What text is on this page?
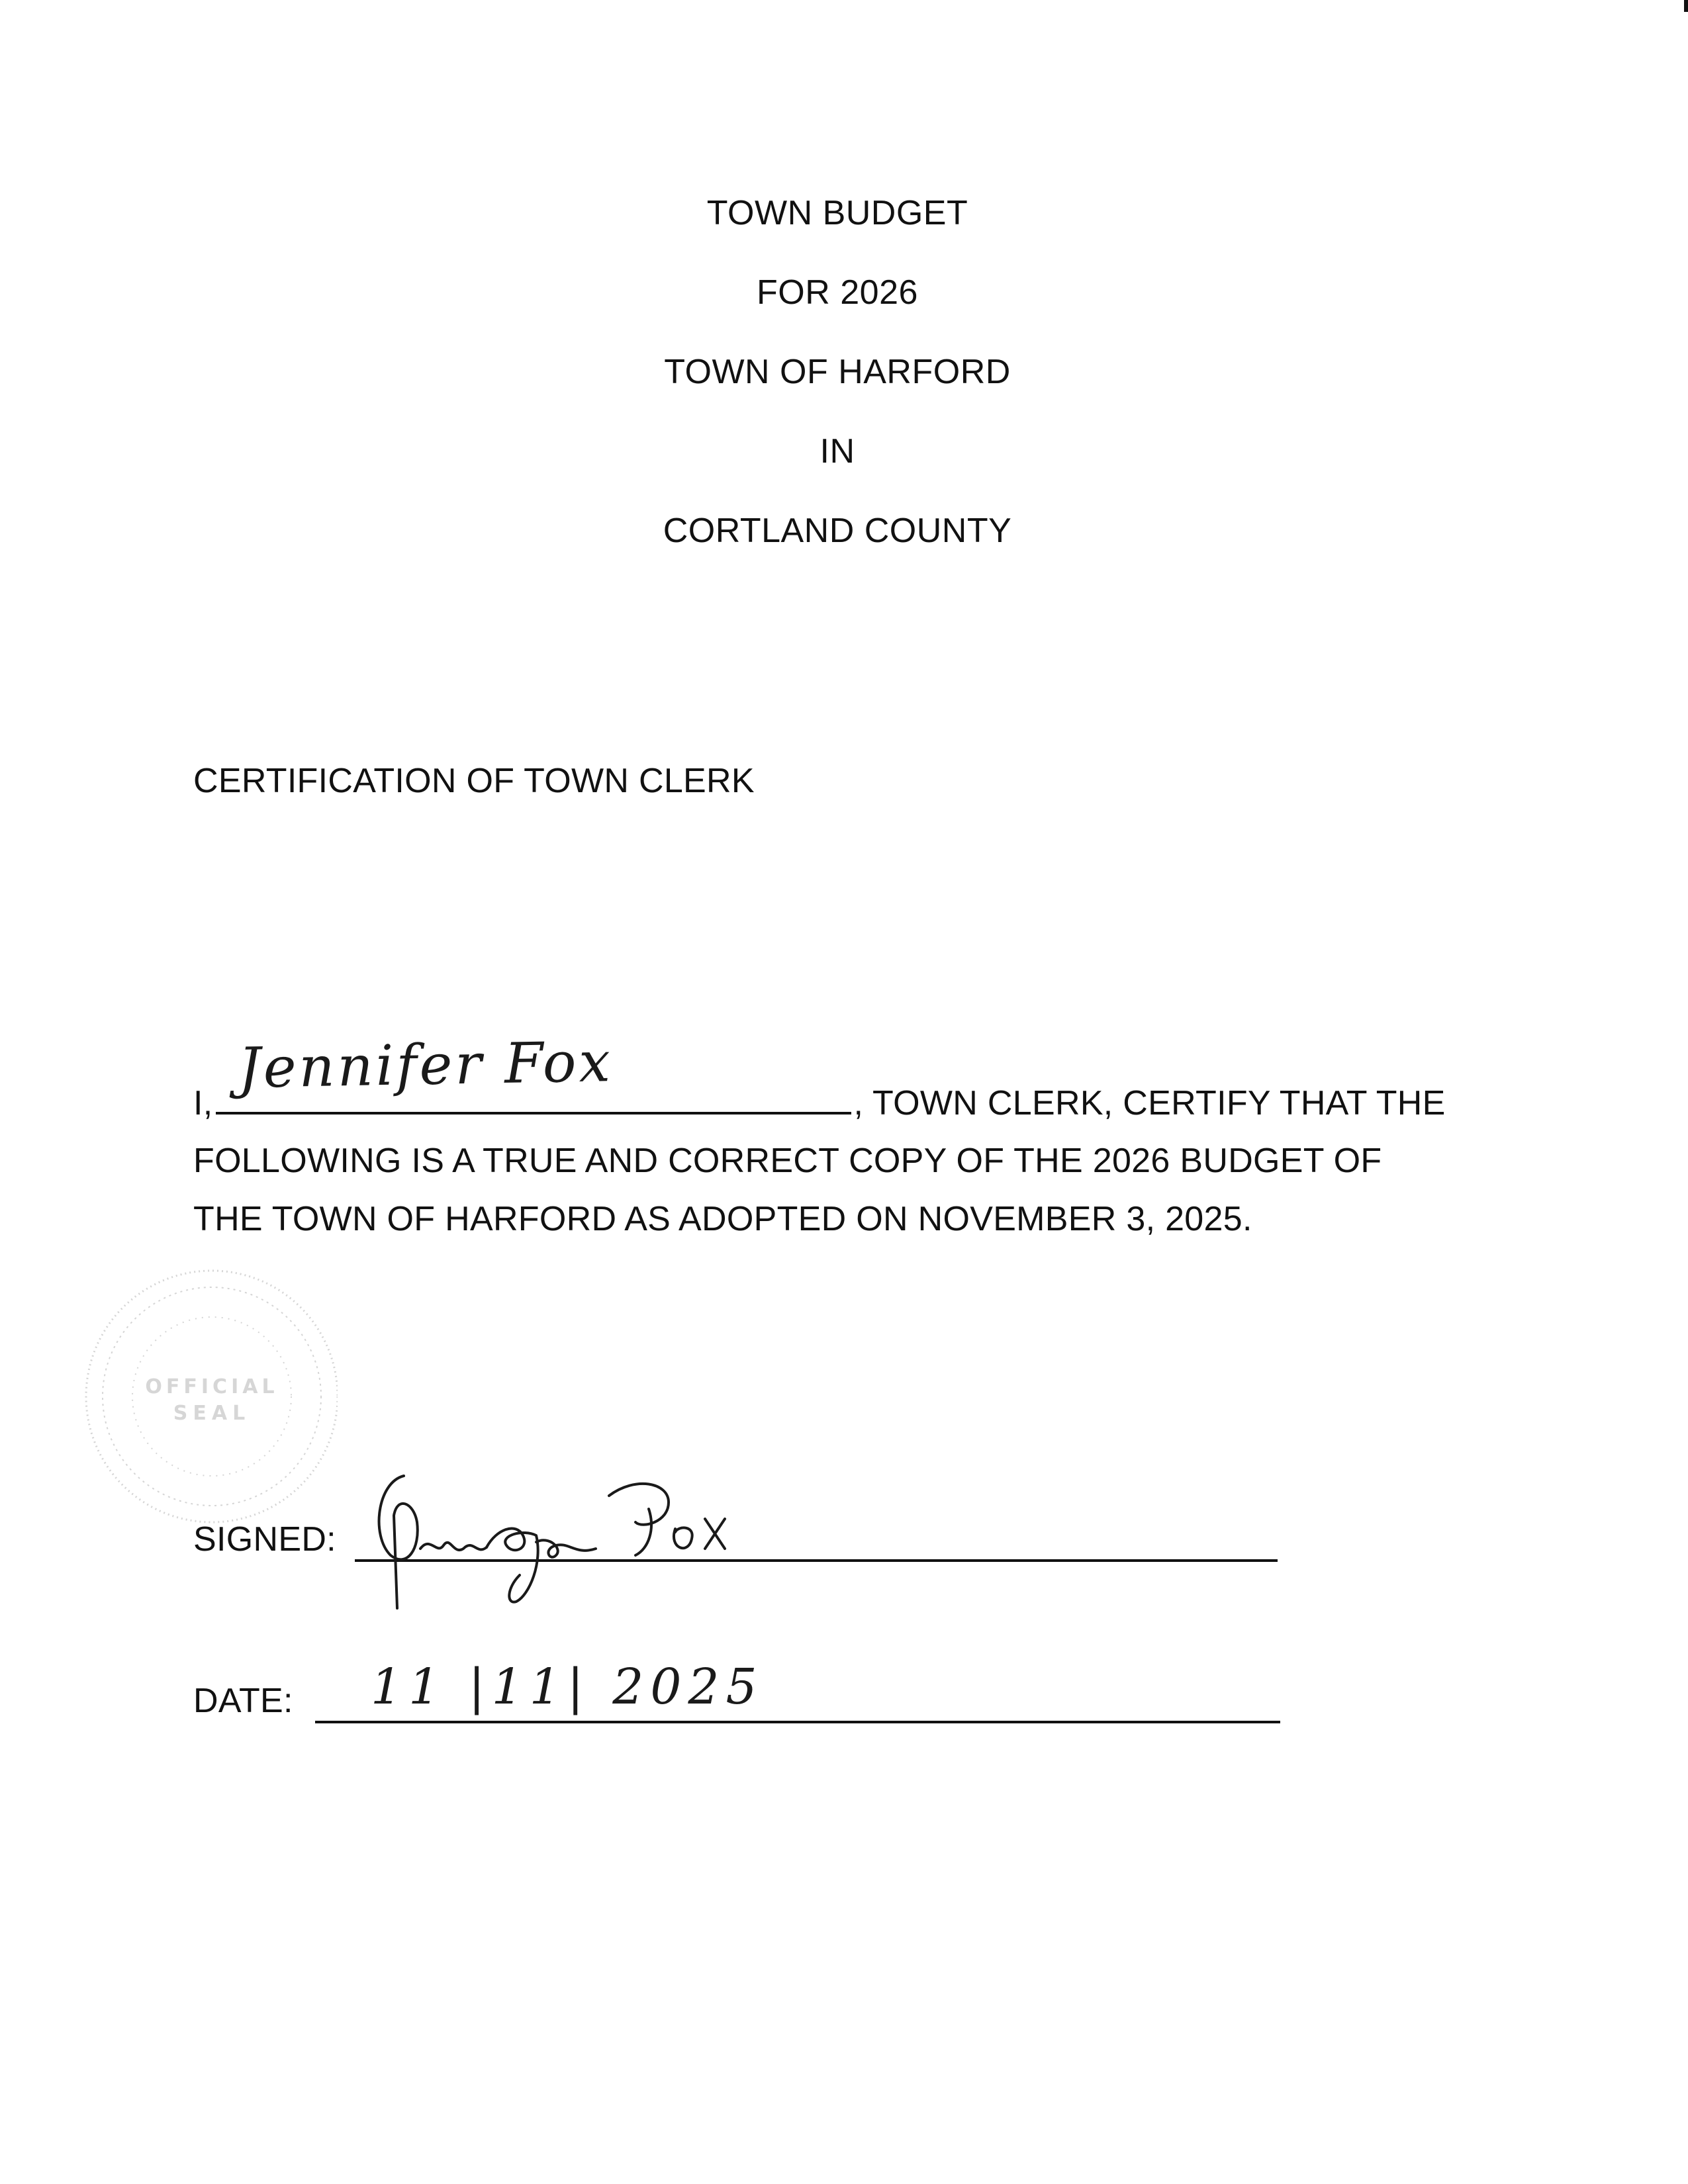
TOWN BUDGET
FOR 2026
TOWN OF HARFORD
IN
CORTLAND COUNTY
CERTIFICATION OF TOWN CLERK
I,	, TOWN CLERK, CERTIFY THAT THE
Jennifer Fox
FOLLOWING IS A TRUE AND CORRECT COPY OF THE 2026 BUDGET OF
THE TOWN OF HARFORD AS ADOPTED ON NOVEMBER 3, 2025.
OFFICIAL
SEAL
SIGNED:
DATE: 11 |11| 2025
